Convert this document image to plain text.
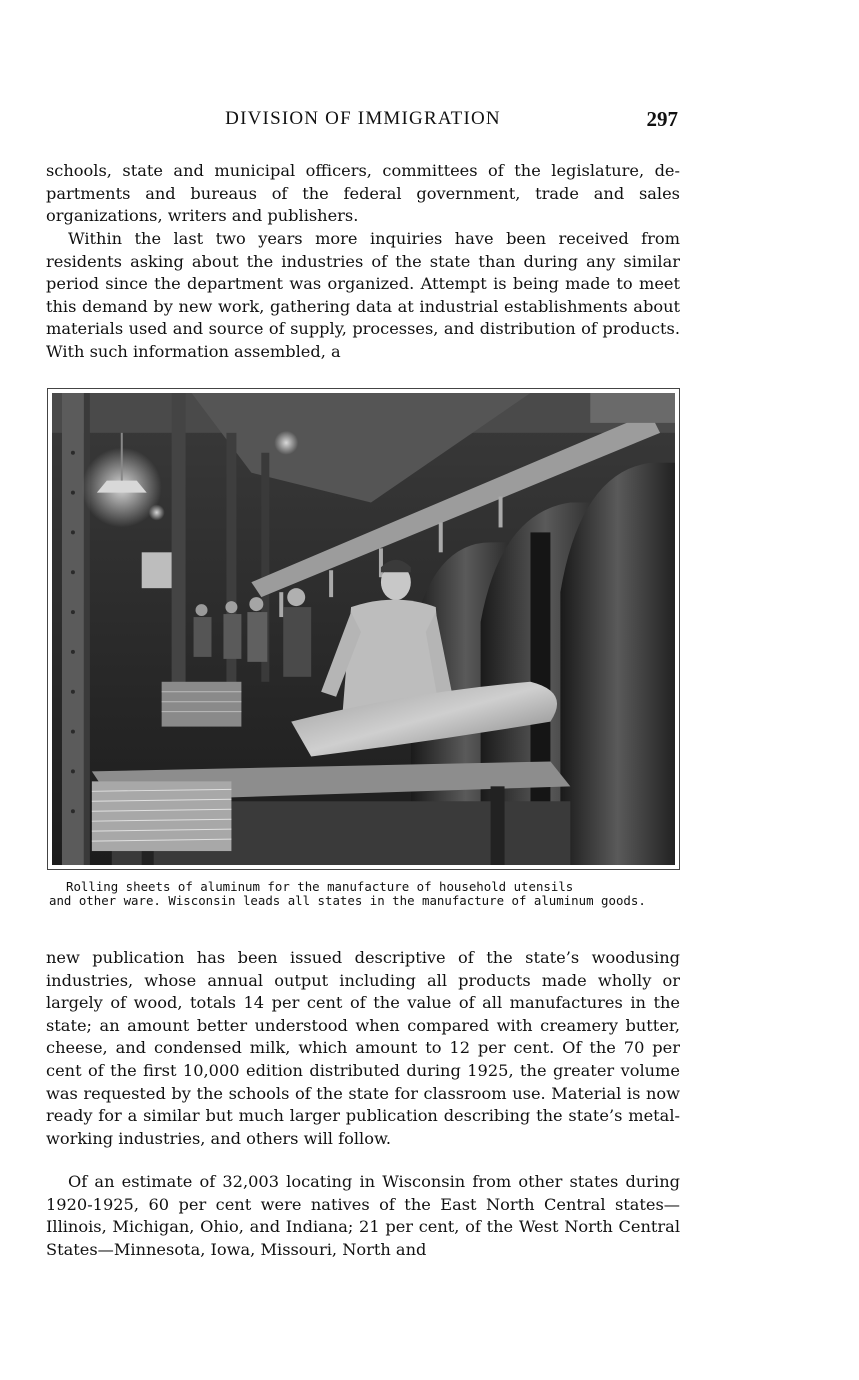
DIVISION OF IMMIGRATION	297

schools, state and municipal officers, committees of the legislature, departments and bureaus of the federal government, trade and sales organizations, writers and publishers.

Within the last two years more inquiries have been received from residents asking about the industries of the state than during any similar period since the department was organized. Attempt is being made to meet this demand by new work, gathering data at industrial establishments about materials used and source of supply, processes, and distribution of products. With such information assembled, a

Rolling sheets of aluminum for the manufacture of household utensils

and other ware. Wisconsin leads all states in the manufacture of aluminum goods.

new publication has been issued descriptive of the state’s woodusing industries, whose annual output including all products made wholly or largely of wood, totals 14 per cent of the value of all manufactures in the state; an amount better understood when compared with creamery butter, cheese, and condensed milk, which amount to 12 per cent. Of the 70 per cent of the first 10,000 edition distributed during 1925, the greater volume was requested by the schools of the state for classroom use. Material is now ready for a similar but much larger publication describing the state’s metalworking industries, and others will follow.

Of an estimate of 32,003 locating in Wisconsin from other states during 1920-1925, 60 per cent were natives of the East North Central states—Illinois, Michigan, Ohio, and Indiana; 21 per cent, of the West North Central States—Minnesota, Iowa, Missouri, North and
